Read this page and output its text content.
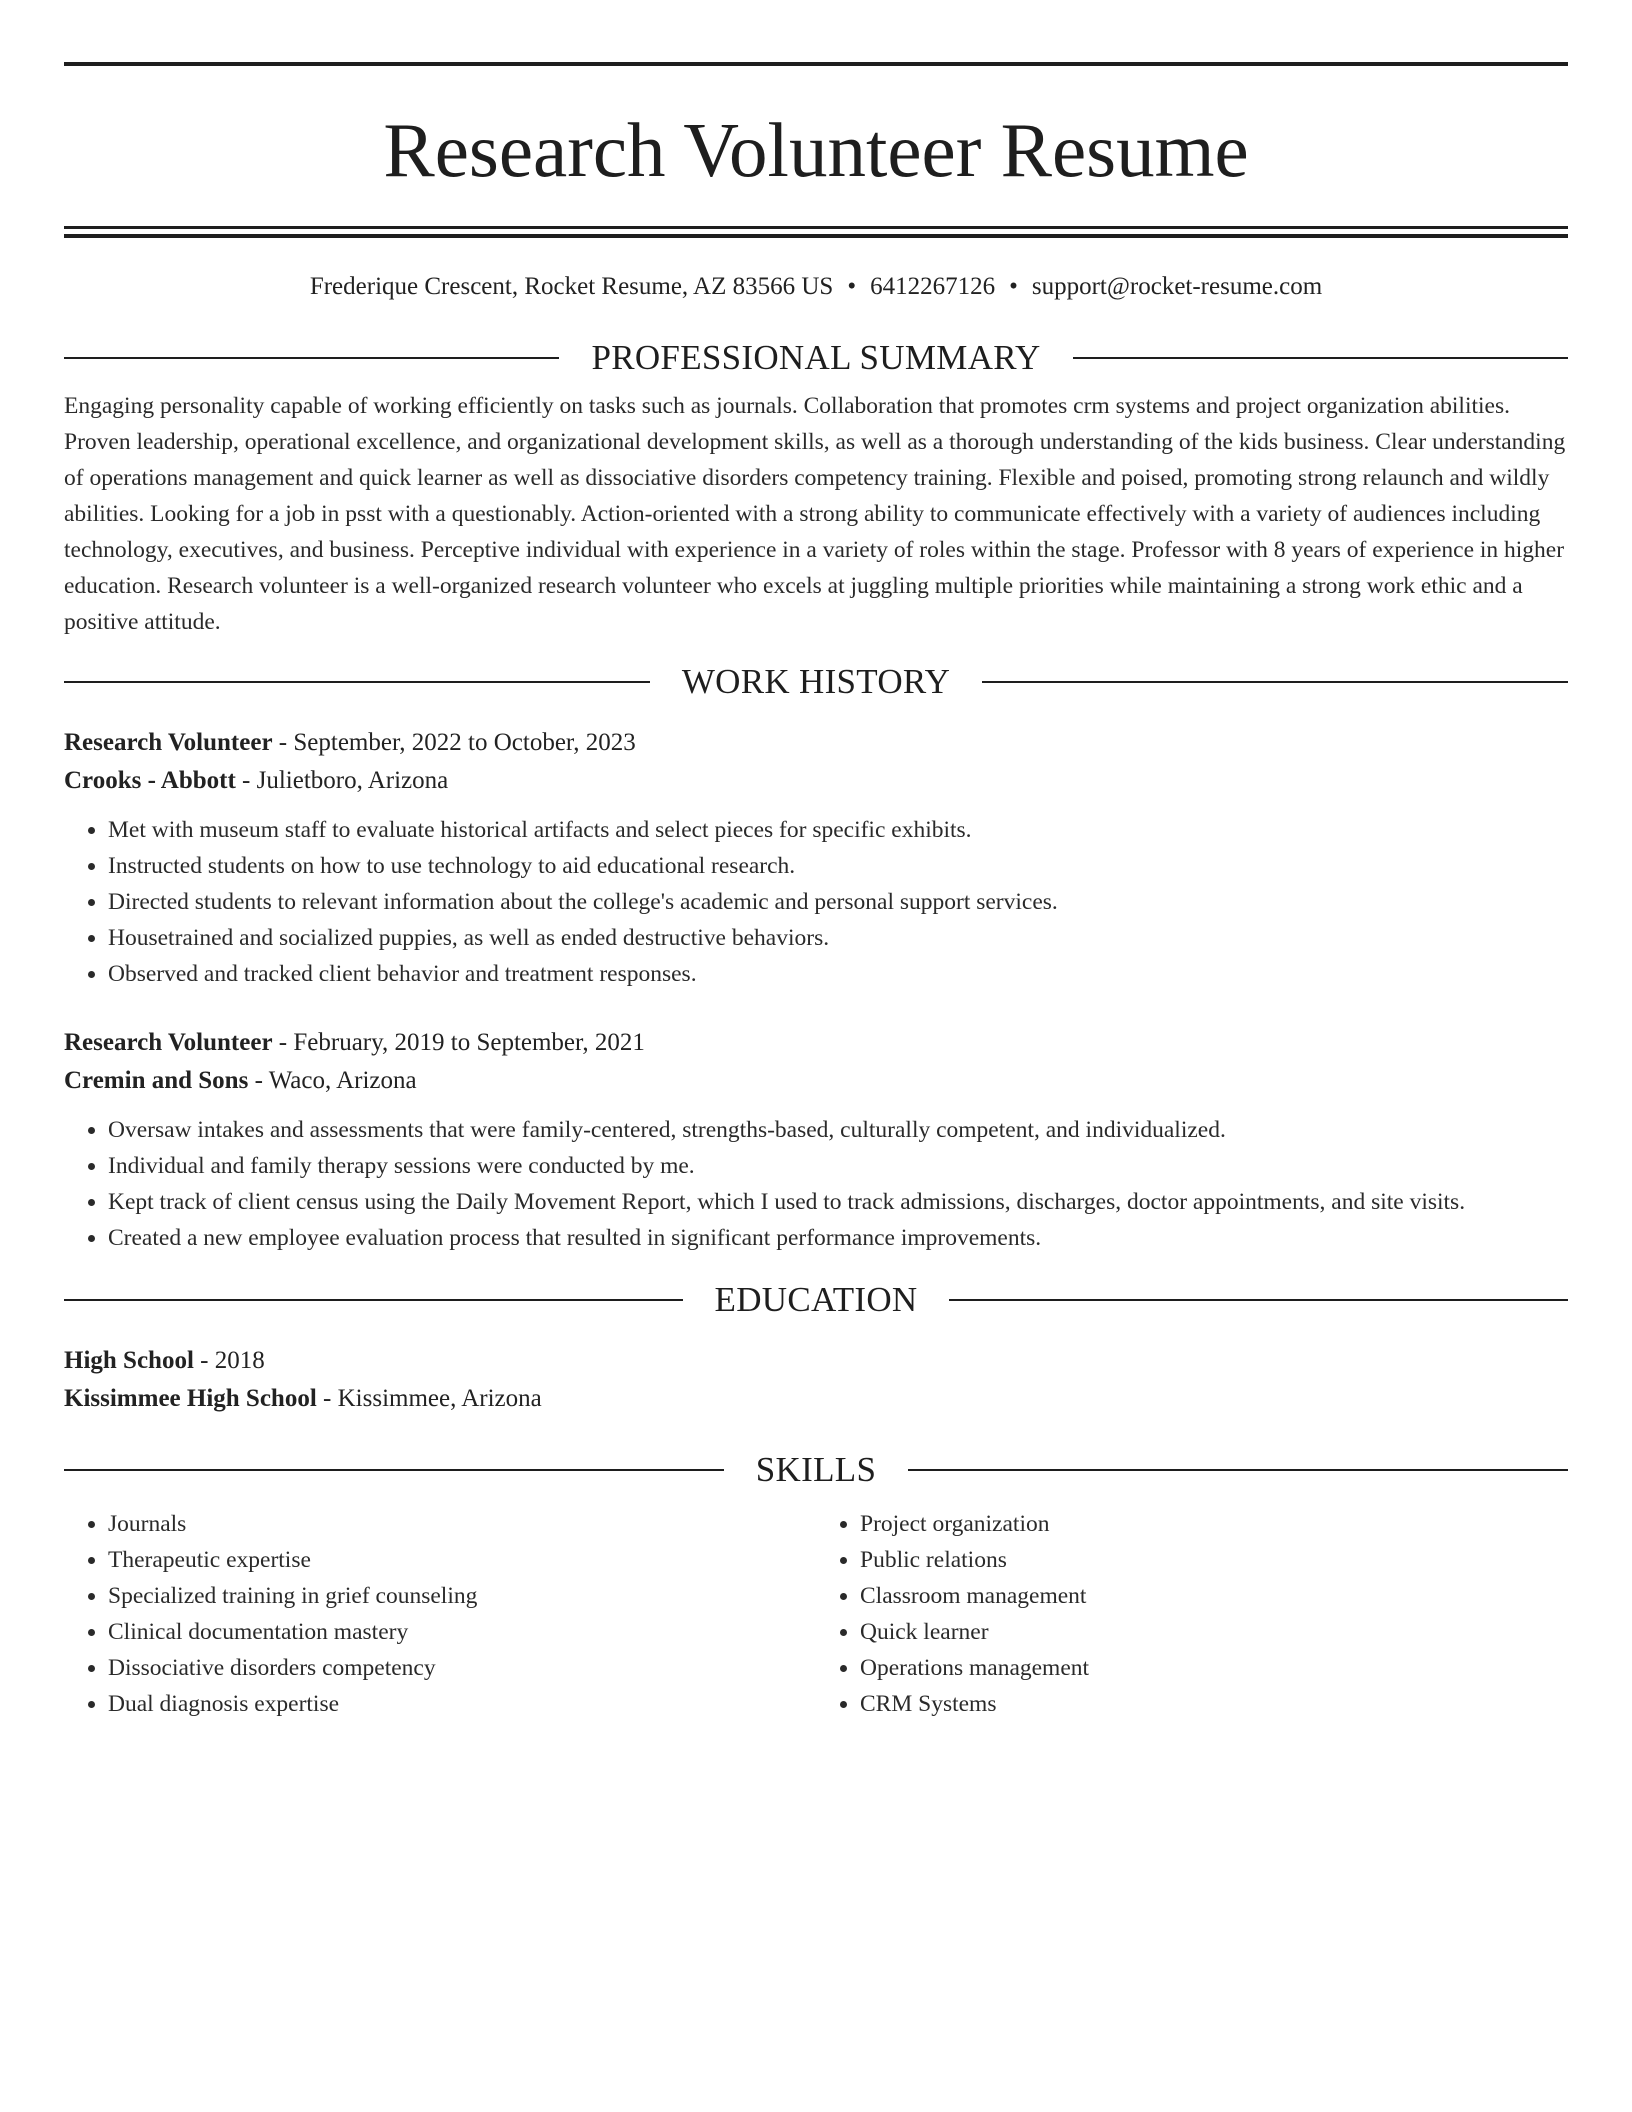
Research Volunteer Resume
Frederique Crescent, Rocket Resume, AZ 83566 US • 6412267126 • support@rocket-resume.com
PROFESSIONAL SUMMARY
Engaging personality capable of working efficiently on tasks such as journals. Collaboration that promotes crm systems and project organization abilities. Proven leadership, operational excellence, and organizational development skills, as well as a thorough understanding of the kids business. Clear understanding of operations management and quick learner as well as dissociative disorders competency training. Flexible and poised, promoting strong relaunch and wildly abilities. Looking for a job in psst with a questionably. Action-oriented with a strong ability to communicate effectively with a variety of audiences including technology, executives, and business. Perceptive individual with experience in a variety of roles within the stage. Professor with 8 years of experience in higher education. Research volunteer is a well-organized research volunteer who excels at juggling multiple priorities while maintaining a strong work ethic and a positive attitude.
WORK HISTORY
Research Volunteer - September, 2022 to October, 2023
Crooks - Abbott - Julietboro, Arizona
• Met with museum staff to evaluate historical artifacts and select pieces for specific exhibits.
• Instructed students on how to use technology to aid educational research.
• Directed students to relevant information about the college's academic and personal support services.
• Housetrained and socialized puppies, as well as ended destructive behaviors.
• Observed and tracked client behavior and treatment responses.
Research Volunteer - February, 2019 to September, 2021
Cremin and Sons - Waco, Arizona
• Oversaw intakes and assessments that were family-centered, strengths-based, culturally competent, and individualized.
• Individual and family therapy sessions were conducted by me.
• Kept track of client census using the Daily Movement Report, which I used to track admissions, discharges, doctor appointments, and site visits.
• Created a new employee evaluation process that resulted in significant performance improvements.
EDUCATION
High School - 2018
Kissimmee High School - Kissimmee, Arizona
SKILLS
• Journals
• Therapeutic expertise
• Specialized training in grief counseling
• Clinical documentation mastery
• Dissociative disorders competency
• Dual diagnosis expertise
• Project organization
• Public relations
• Classroom management
• Quick learner
• Operations management
• CRM Systems
